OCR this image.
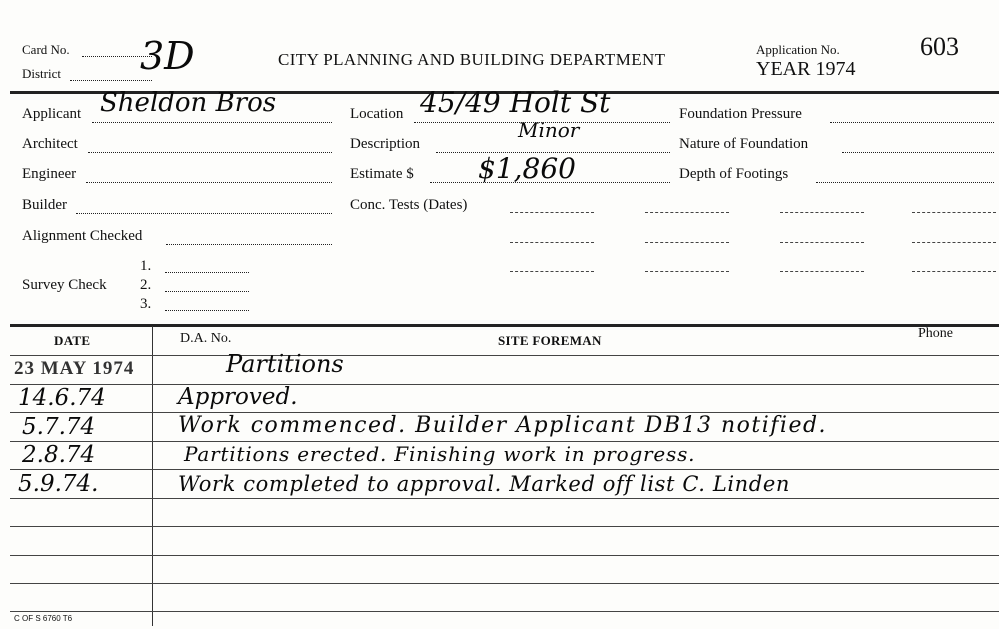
Card No. 3D
District
CITY PLANNING AND BUILDING DEPARTMENT
Application No.	603
YEAR 1974
Applicant Sheldon Bros
Architect
Engineer
Builder
Alignment Checked
Survey Check
1.
2.
3.
Location 45/49 Holt St
Description
Minor
Estimate $ $1,860
Conc. Tests (Dates)
Foundation Pressure
Nature of Foundation
Depth of Footings
DATE	D.A. No.	SITE FOREMAN	Phone
23 MAY 1974	Partitions
14.6.74	Approved.
5.7.74	Work commenced. Builder Applicant DB13 notified.
2.8.74	Partitions erected. Finishing work in progress.
5.9.74.	Work completed to approval. Marked off list C. Linden
C OF S 6760 T6
